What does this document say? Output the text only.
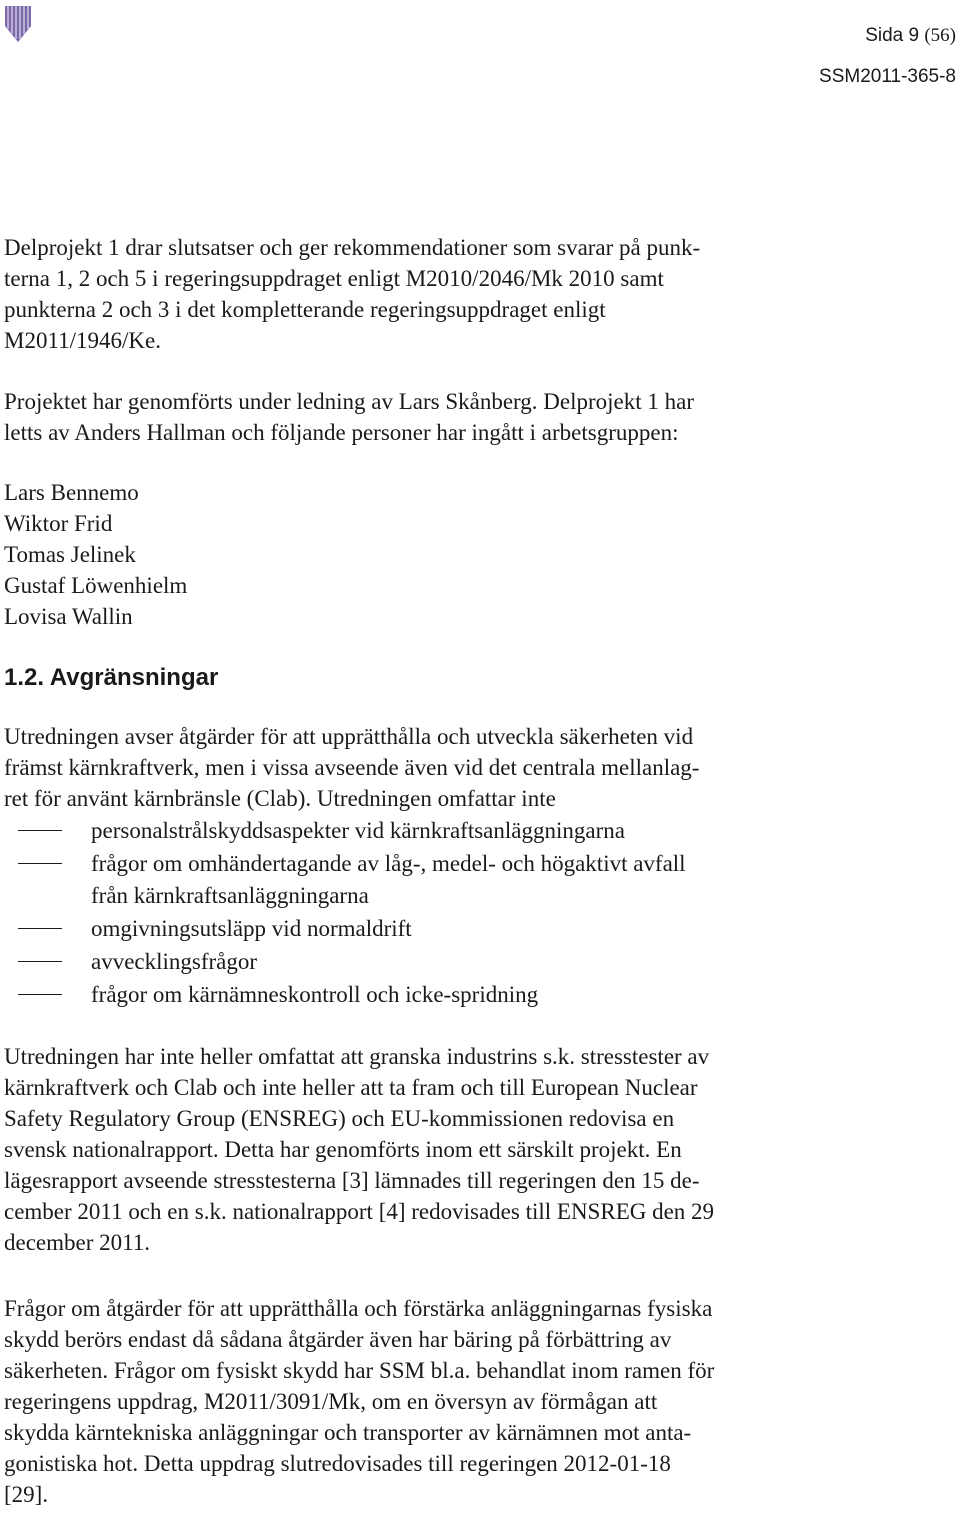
Sida 9 (56)
SSM2011-365-8

Delprojekt 1 drar slutsatser och ger rekommendationer som svarar på punk-
terna 1, 2 och 5 i regeringsuppdraget enligt M2010/2046/Mk 2010 samt
punkterna 2 och 3 i det kompletterande regeringsuppdraget enligt
M2011/1946/Ke.

Projektet har genomförts under ledning av Lars Skånberg. Delprojekt 1 har
letts av Anders Hallman och följande personer har ingått i arbetsgruppen:

Lars Bennemo
Wiktor Frid
Tomas Jelinek
Gustaf Löwenhielm
Lovisa Wallin
1.2. Avgränsningar

Utredningen avser åtgärder för att upprätthålla och utveckla säkerheten vid
främst kärnkraftverk, men i vissa avseende även vid det centrala mellanlag-
ret för använt kärnbränsle (Clab). Utredningen omfattar inte

personalstrålskyddsaspekter vid kärnkraftsanläggningarna
frågor om omhändertagande av låg-, medel- och högaktivt avfall
från kärnkraftsanläggningarna
omgivningsutsläpp vid normaldrift
avvecklingsfrågor
frågor om kärnämneskontroll och icke-spridning

Utredningen har inte heller omfattat att granska industrins s.k. stresstester av
kärnkraftverk och Clab och inte heller att ta fram och till European Nuclear
Safety Regulatory Group (ENSREG) och EU-kommissionen redovisa en
svensk nationalrapport. Detta har genomförts inom ett särskilt projekt. En
lägesrapport avseende stresstesterna [3] lämnades till regeringen den 15 de-
cember 2011 och en s.k. nationalrapport [4] redovisades till ENSREG den 29
december 2011.

Frågor om åtgärder för att upprätthålla och förstärka anläggningarnas fysiska
skydd berörs endast då sådana åtgärder även har bäring på förbättring av
säkerheten. Frågor om fysiskt skydd har SSM bl.a. behandlat inom ramen för
regeringens uppdrag, M2011/3091/Mk, om en översyn av förmågan att
skydda kärntekniska anläggningar och transporter av kärnämnen mot anta-
gonistiska hot. Detta uppdrag slutredovisades till regeringen 2012-01-18
[29].
